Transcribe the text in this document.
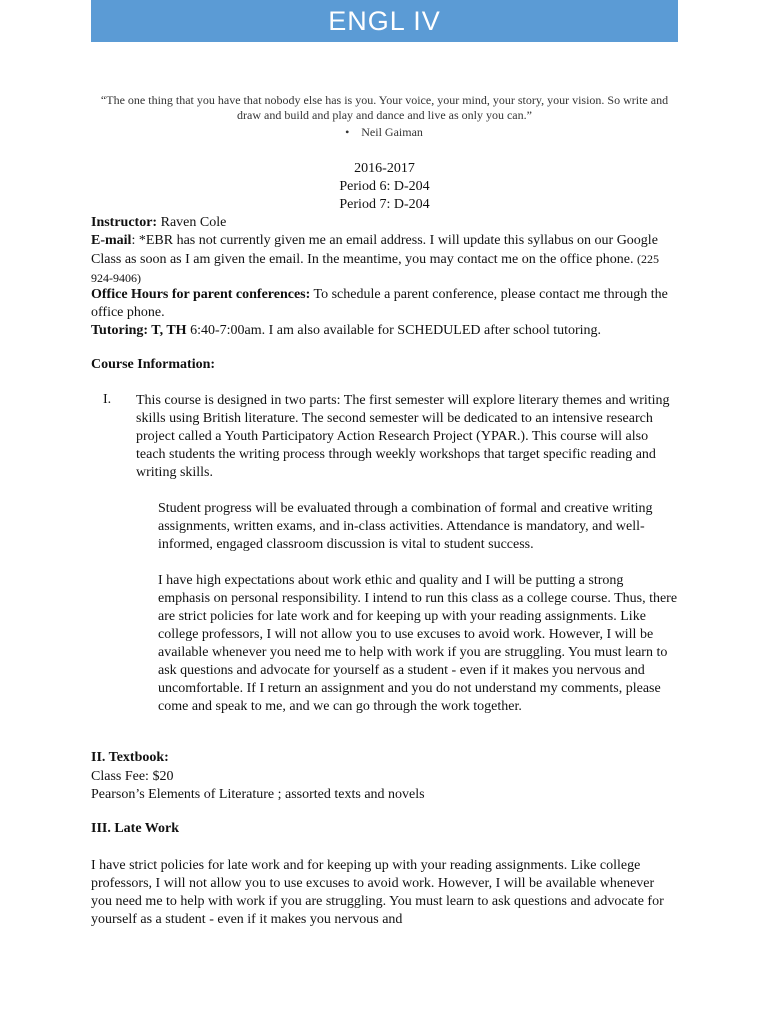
ENGL IV
“The one thing that you have that nobody else has is you. Your voice, your mind, your story, your vision. So write and draw and build and play and dance and live as only you can.”
• Neil Gaiman
2016-2017
Period 6: D-204
Period 7: D-204
Instructor: Raven Cole
E-mail: *EBR has not currently given me an email address. I will update this syllabus on our Google Class as soon as I am given the email. In the meantime, you may contact me on the office phone. (225 924-9406)
Office Hours for parent conferences: To schedule a parent conference, please contact me through the office phone.
Tutoring: T, TH 6:40-7:00am. I am also available for SCHEDULED after school tutoring.
Course Information:
I. This course is designed in two parts: The first semester will explore literary themes and writing skills using British literature. The second semester will be dedicated to an intensive research project called a Youth Participatory Action Research Project (YPAR.). This course will also teach students the writing process through weekly workshops that target specific reading and writing skills.
Student progress will be evaluated through a combination of formal and creative writing assignments, written exams, and in-class activities. Attendance is mandatory, and well-informed, engaged classroom discussion is vital to student success.
I have high expectations about work ethic and quality and I will be putting a strong emphasis on personal responsibility. I intend to run this class as a college course. Thus, there are strict policies for late work and for keeping up with your reading assignments. Like college professors, I will not allow you to use excuses to avoid work. However, I will be available whenever you need me to help with work if you are struggling. You must learn to ask questions and advocate for yourself as a student - even if it makes you nervous and uncomfortable. If I return an assignment and you do not understand my comments, please come and speak to me, and we can go through the work together.
II. Textbook:
Class Fee: $20
Pearson’s Elements of Literature ; assorted texts and novels
III. Late Work
I have strict policies for late work and for keeping up with your reading assignments. Like college professors, I will not allow you to use excuses to avoid work. However, I will be available whenever you need me to help with work if you are struggling. You must learn to ask questions and advocate for yourself as a student - even if it makes you nervous and
